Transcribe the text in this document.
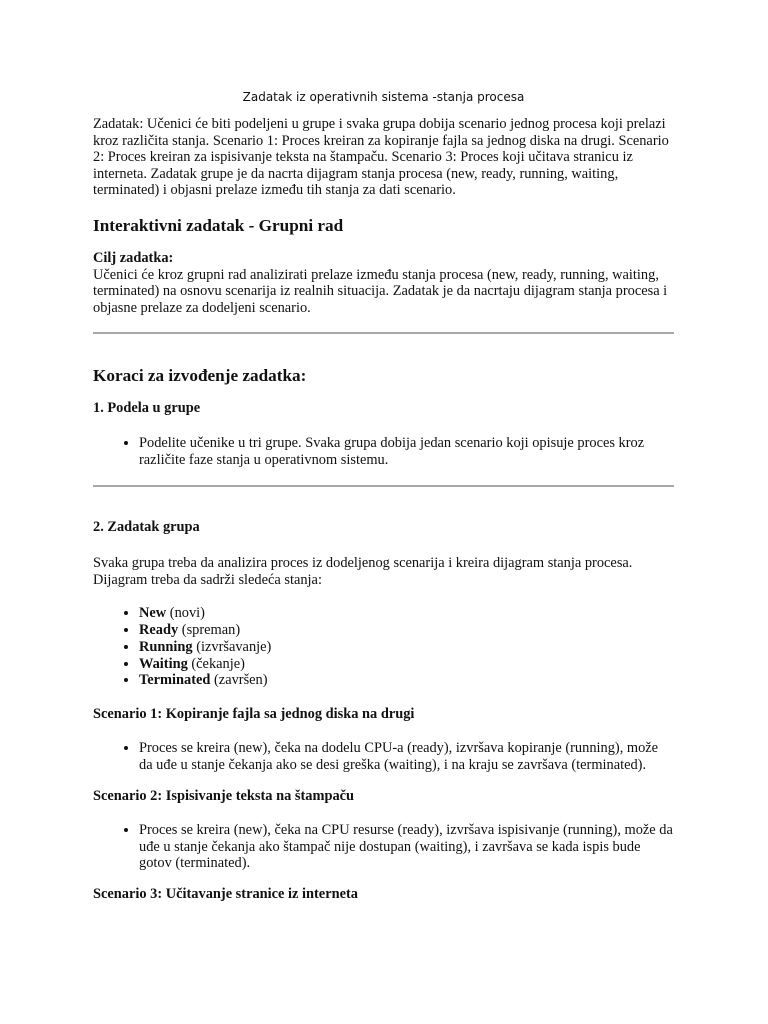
Zadatak iz operativnih sistema -stanja procesa

Zadatak: Učenici će biti podeljeni u grupe i svaka grupa dobija scenario jednog procesa koji prelazi kroz različita stanja. Scenario 1: Proces kreiran za kopiranje fajla sa jednog diska na drugi. Scenario 2: Proces kreiran za ispisivanje teksta na štampaču. Scenario 3: Proces koji učitava stranicu iz interneta. Zadatak grupe je da nacrta dijagram stanja procesa (new, ready, running, waiting, terminated) i objasni prelaze između tih stanja za dati scenario.

Interaktivni zadatak - Grupni rad

Cilj zadatka:

Učenici će kroz grupni rad analizirati prelaze između stanja procesa (new, ready, running, waiting, terminated) na osnovu scenarija iz realnih situacija. Zadatak je da nacrtaju dijagram stanja procesa i objasne prelaze za dodeljeni scenario.

Koraci za izvođenje zadatka:
1. Podela u grupe
• Podelite učenike u tri grupe. Svaka grupa dobija jedan scenario koji opisuje proces kroz različite faze stanja u operativnom sistemu.
2. Zadatak grupa

Svaka grupa treba da analizira proces iz dodeljenog scenarija i kreira dijagram stanja procesa. Dijagram treba da sadrži sledeća stanja:

• New (novi)
• Ready (spreman)
• Running (izvršavanje)
• Waiting (čekanje)
• Terminated (završen)
Scenario 1: Kopiranje fajla sa jednog diska na drugi
• Proces se kreira (new), čeka na dodelu CPU-a (ready), izvršava kopiranje (running), može da uđe u stanje čekanja ako se desi greška (waiting), i na kraju se završava (terminated).
Scenario 2: Ispisivanje teksta na štampaču
• Proces se kreira (new), čeka na CPU resurse (ready), izvršava ispisivanje (running), može da uđe u stanje čekanja ako štampač nije dostupan (waiting), i završava se kada ispis bude gotov (terminated).
Scenario 3: Učitavanje stranice iz interneta
